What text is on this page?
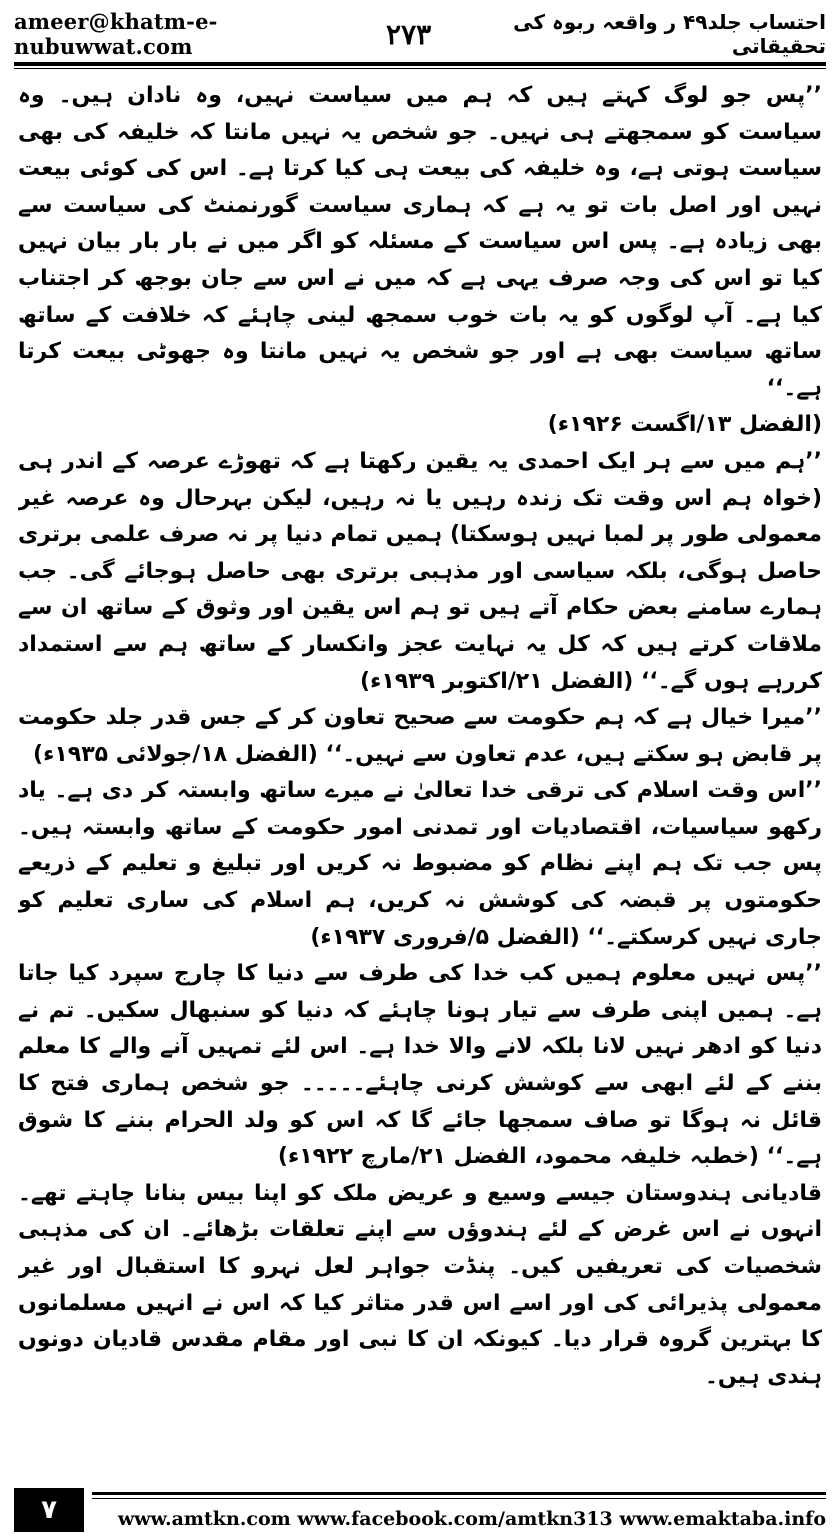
ameer@khatm-e-nubuwwat.com	۲۷۳	احتساب جلد۴۹ ر واقعہ ربوہ کی تحقیقاتی

’’پس جو لوگ کہتے ہیں کہ ہم میں سیاست نہیں، وہ نادان ہیں۔ وہ سیاست کو سمجھتے ہی نہیں۔ جو شخص یہ نہیں مانتا کہ خلیفہ کی بھی سیاست ہوتی ہے، وہ خلیفہ کی بیعت ہی کیا کرتا ہے۔ اس کی کوئی بیعت نہیں اور اصل بات تو یہ ہے کہ ہماری سیاست گورنمنٹ کی سیاست سے بھی زیادہ ہے۔ پس اس سیاست کے مسئلہ کو اگر میں نے بار بار بیان نہیں کیا تو اس کی وجہ صرف یہی ہے کہ میں نے اس سے جان بوجھ کر اجتناب کیا ہے۔ آپ لوگوں کو یہ بات خوب سمجھ لینی چاہئے کہ خلافت کے ساتھ ساتھ سیاست بھی ہے اور جو شخص یہ نہیں مانتا وہ جھوٹی بیعت کرتا ہے۔‘‘
(الفضل ۱۳/اگست ۱۹۲۶ء)

’’ہم میں سے ہر ایک احمدی یہ یقین رکھتا ہے کہ تھوڑے عرصہ کے اندر ہی (خواہ ہم اس وقت تک زندہ رہیں یا نہ رہیں، لیکن بہرحال وہ عرصہ غیر معمولی طور پر لمبا نہیں ہوسکتا) ہمیں تمام دنیا پر نہ صرف علمی برتری حاصل ہوگی، بلکہ سیاسی اور مذہبی برتری بھی حاصل ہوجائے گی۔ جب ہمارے سامنے بعض حکام آتے ہیں تو ہم اس یقین اور وثوق کے ساتھ ان سے ملاقات کرتے ہیں کہ کل یہ نہایت عجز وانکسار کے ساتھ ہم سے استمداد کررہے ہوں گے۔‘‘ (الفضل ۲۱/اکتوبر ۱۹۳۹ء)

’’میرا خیال ہے کہ ہم حکومت سے صحیح تعاون کر کے جس قدر جلد حکومت پر قابض ہو سکتے ہیں، عدم تعاون سے نہیں۔‘‘ (الفضل ۱۸/جولائی ۱۹۳۵ء)

’’اس وقت اسلام کی ترقی خدا تعالیٰ نے میرے ساتھ وابستہ کر دی ہے۔ یاد رکھو سیاسیات، اقتصادیات اور تمدنی امور حکومت کے ساتھ وابستہ ہیں۔ پس جب تک ہم اپنے نظام کو مضبوط نہ کریں اور تبلیغ و تعلیم کے ذریعے حکومتوں پر قبضہ کی کوشش نہ کریں، ہم اسلام کی ساری تعلیم کو جاری نہیں کرسکتے۔‘‘ (الفضل ۵/فروری ۱۹۳۷ء)

’’پس نہیں معلوم ہمیں کب خدا کی طرف سے دنیا کا چارج سپرد کیا جاتا ہے۔ ہمیں اپنی طرف سے تیار ہونا چاہئے کہ دنیا کو سنبھال سکیں۔ تم نے دنیا کو ادھر نہیں لانا بلکہ لانے والا خدا ہے۔ اس لئے تمہیں آنے والے کا معلم بننے کے لئے ابھی سے کوشش کرنی چاہئے۔۔۔۔۔ جو شخص ہماری فتح کا قائل نہ ہوگا تو صاف سمجھا جائے گا کہ اس کو ولد الحرام بننے کا شوق ہے۔‘‘ (خطبہ خلیفہ محمود، الفضل ۲۱/مارچ ۱۹۲۲ء)

قادیانی ہندوستان جیسے وسیع و عریض ملک کو اپنا بیس بنانا چاہتے تھے۔ انہوں نے اس غرض کے لئے ہندوؤں سے اپنے تعلقات بڑھائے۔ ان کی مذہبی شخصیات کی تعریفیں کیں۔ پنڈت جواہر لعل نہرو کا استقبال اور غیر معمولی پذیرائی کی اور اسے اس قدر متاثر کیا کہ اس نے انہیں مسلمانوں کا بہترین گروہ قرار دیا۔ کیونکہ ان کا نبی اور مقام مقدس قادیان دونوں ہندی ہیں۔

۷	www.amtkn.com www.facebook.com/amtkn313 www.emaktaba.info
